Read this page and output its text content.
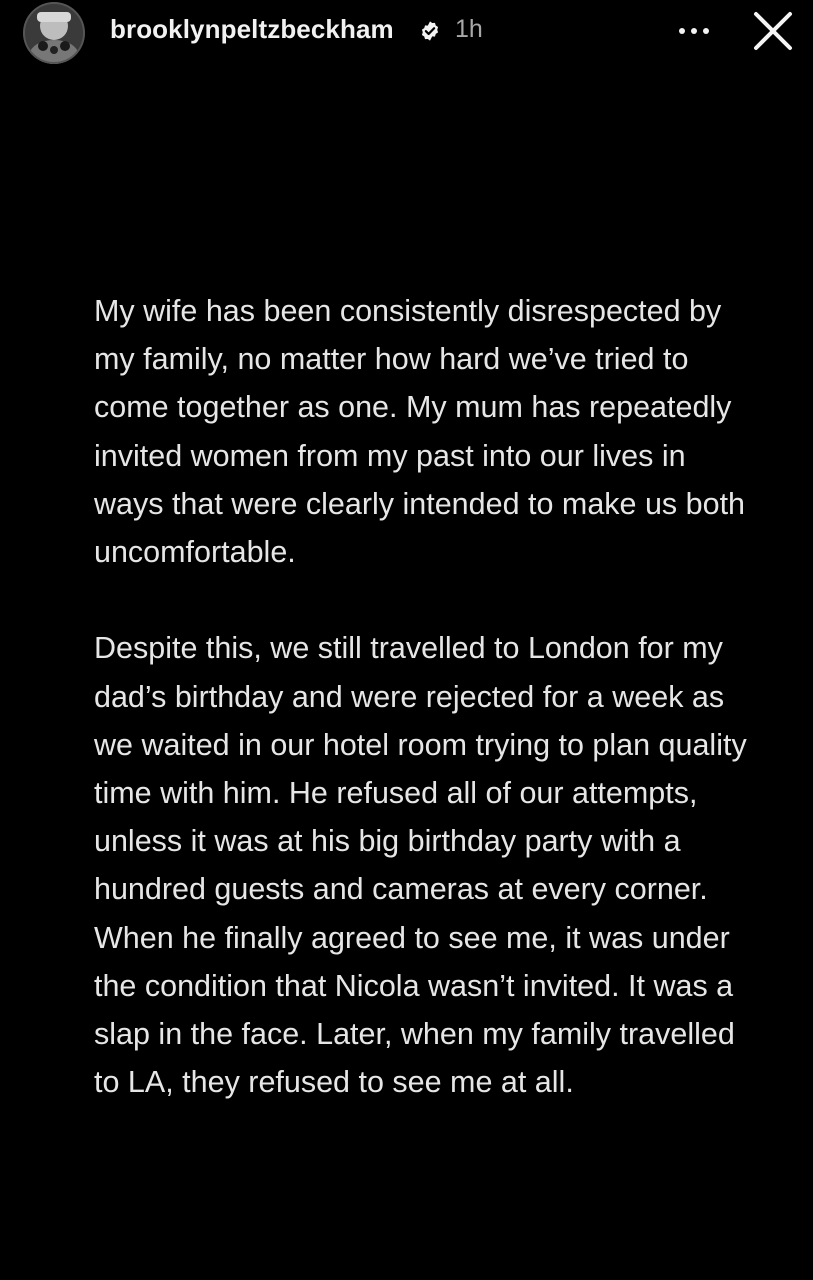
brooklynpeltzbeckham 1h

My wife has been consistently disrespected by my family, no matter how hard we’ve tried to come together as one. My mum has repeatedly invited women from my past into our lives in ways that were clearly intended to make us both uncomfortable.

Despite this, we still travelled to London for my dad’s birthday and were rejected for a week as we waited in our hotel room trying to plan quality time with him. He refused all of our attempts, unless it was at his big birthday party with a hundred guests and cameras at every corner. When he finally agreed to see me, it was under the condition that Nicola wasn’t invited. It was a slap in the face. Later, when my family travelled to LA, they refused to see me at all.
